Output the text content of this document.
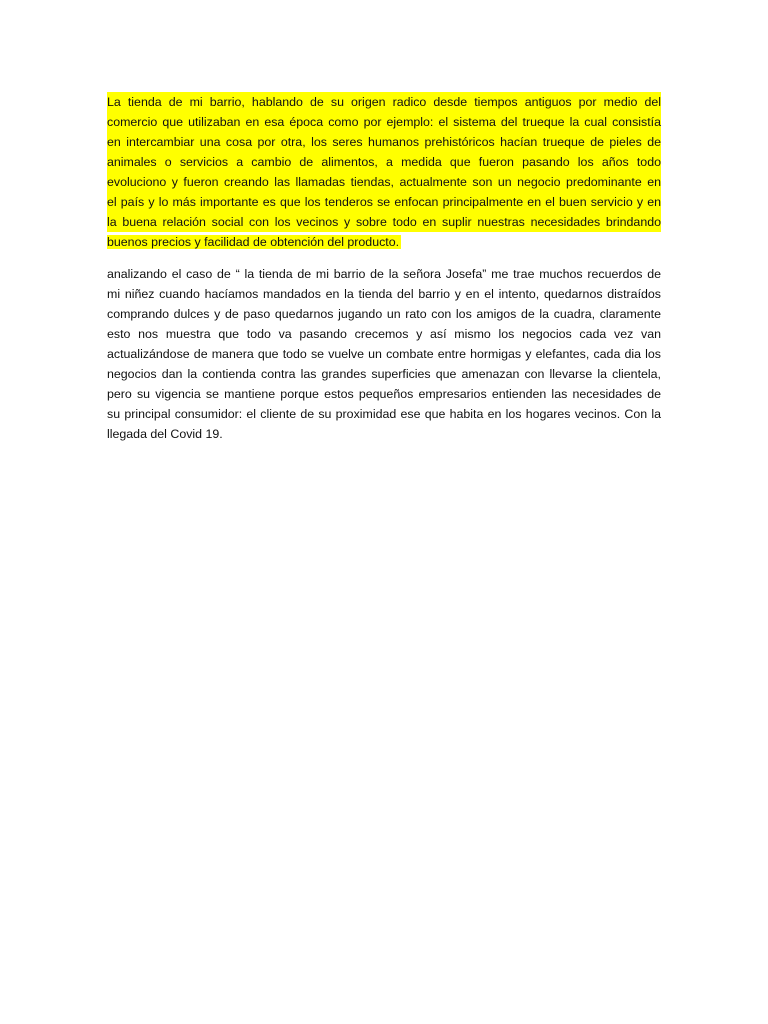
La tienda de mi barrio, hablando de su origen radico desde tiempos antiguos por medio del
comercio que utilizaban en esa época como por ejemplo: el sistema del trueque la cual consistía
en intercambiar una cosa por otra, los seres humanos prehistóricos hacían trueque de pieles de
animales o servicios a cambio de alimentos, a medida que fueron pasando los años todo
evoluciono y fueron creando las llamadas tiendas, actualmente son un negocio predominante en
el país y lo más importante es que los tenderos se enfocan principalmente en el buen servicio y en
la buena relación social con los vecinos y sobre todo en suplir nuestras necesidades brindando
buenos precios y facilidad de obtención del producto.
analizando el caso de “ la tienda de mi barrio de la señora Josefa” me trae muchos recuerdos de
mi niñez cuando hacíamos mandados en la tienda del barrio y en el intento, quedarnos distraídos
comprando dulces y de paso quedarnos jugando un rato con los amigos de la cuadra, claramente
esto nos muestra que todo va pasando crecemos y así mismo los negocios cada vez van
actualizándose de manera que todo se vuelve un combate entre hormigas y elefantes, cada dia los
negocios dan la contienda contra las grandes superficies que amenazan con llevarse la clientela,
pero su vigencia se mantiene porque estos pequeños empresarios entienden las necesidades de
su principal consumidor: el cliente de su proximidad ese que habita en los hogares vecinos. Con la
llegada del Covid 19.
